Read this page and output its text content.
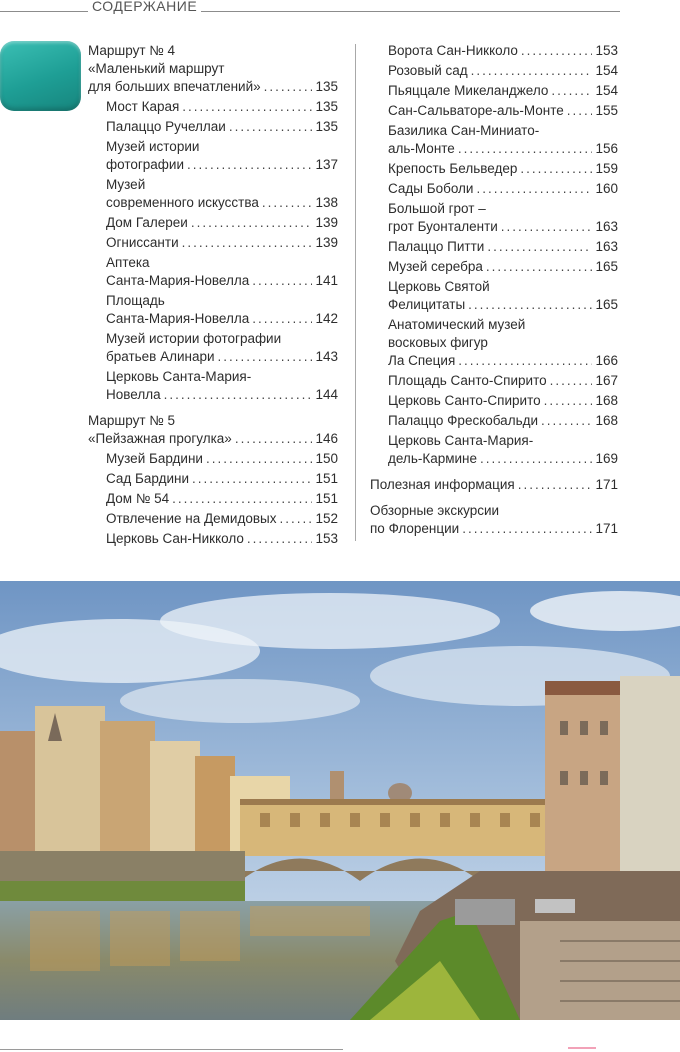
СОДЕРЖАНИЕ
Маршрут № 4
«Маленький маршрут
для больших впечатлений» .....	135
Мост Карая .....	135
Палаццо Ручеллаи .....	135
Музей истории
фотографии .....	137
Музей
современного искусства .....	138
Дом Галереи .....	139
Огниссанти .....	139
Аптека
Санта-Мария-Новелла .....	141
Площадь
Санта-Мария-Новелла .....	142
Музей истории фотографии
братьев Алинари .....	143
Церковь Санта-Мария-
Новелла .....	144
Маршрут № 5
«Пейзажная прогулка» .....	146
Музей Бардини .....	150
Сад Бардини .....	151
Дом № 54 .....	151
Отвлечение на Демидовых .....	152
Церковь Сан-Никколо .....	153
Ворота Сан-Никколо .....	153
Розовый сад .....	154
Пьяццале Микеланджело .....	154
Сан-Сальваторе-аль-Монте ..... 155
Базилика Сан-Миниато-
аль-Монте .....	156
Крепость Бельведер .....	159
Сады Боболи .....	160
Большой грот –
грот Буонталенти .....	163
Палаццо Питти .....	163
Музей серебра .....	165
Церковь Святой
Фелицитаты .....	165
Анатомический музей
восковых фигур
Ла Специя .....	166
Площадь Санто-Спирито .....	167
Церковь Санто-Спирито .....	168
Палаццо Фрескобальди .....	168
Церковь Санта-Мария-
дель-Кармине .....	169
Полезная информация .....	171
Обзорные экскурсии
по Флоренции .....	171
